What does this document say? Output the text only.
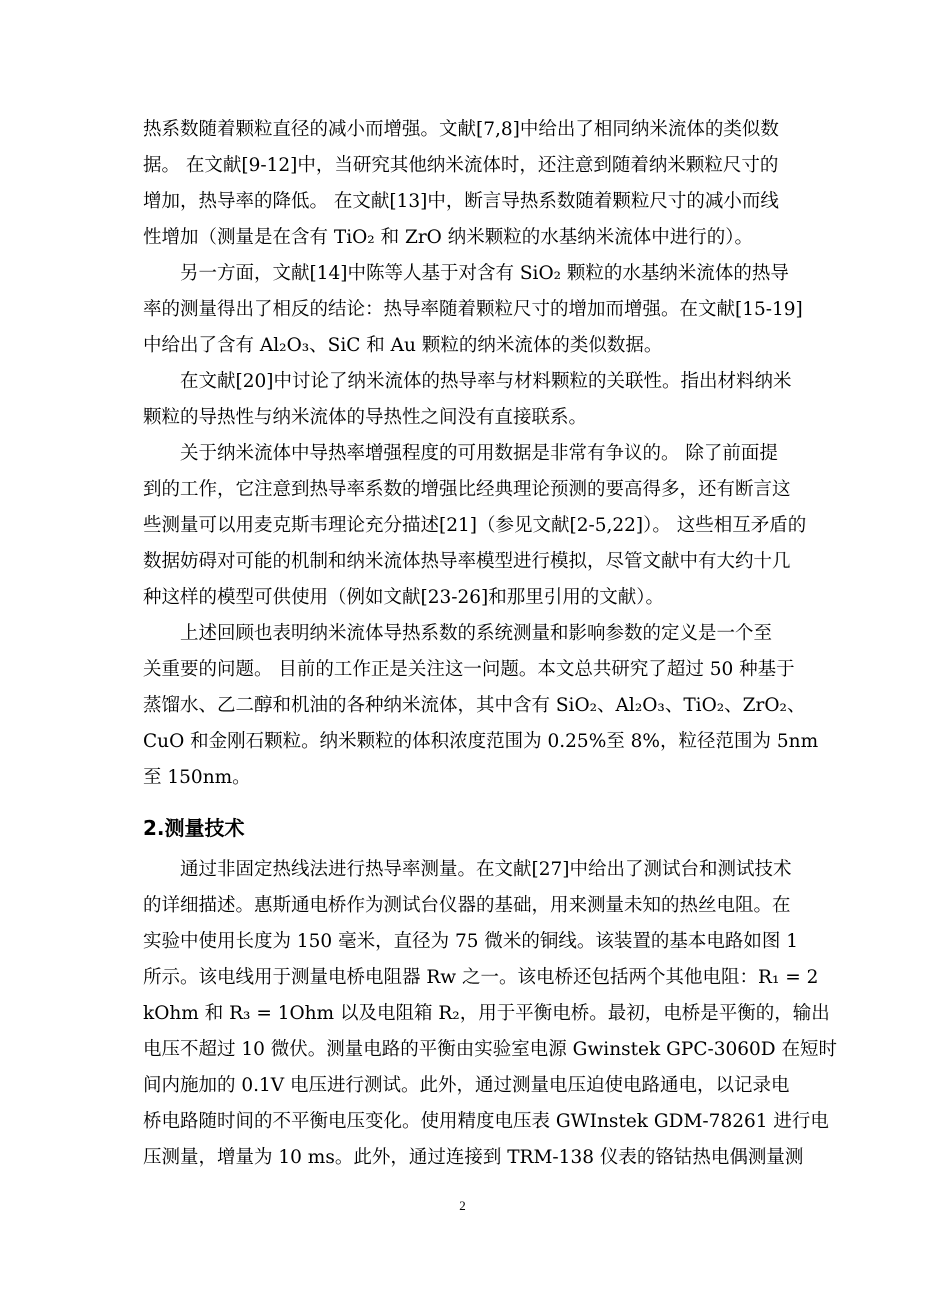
热系数随着颗粒直径的减小而增强。文献[7,8]中给出了相同纳米流体的类似数
据。 在文献[9-12]中，当研究其他纳米流体时，还注意到随着纳米颗粒尺寸的
增加，热导率的降低。 在文献[13]中，断言导热系数随着颗粒尺寸的减小而线
性增加（测量是在含有 TiO₂ 和 ZrO 纳米颗粒的水基纳米流体中进行的）。
另一方面，文献[14]中陈等人基于对含有 SiO₂ 颗粒的水基纳米流体的热导
率的测量得出了相反的结论：热导率随着颗粒尺寸的增加而增强。在文献[15-19]
中给出了含有 Al₂O₃、SiC 和 Au 颗粒的纳米流体的类似数据。
在文献[20]中讨论了纳米流体的热导率与材料颗粒的关联性。指出材料纳米
颗粒的导热性与纳米流体的导热性之间没有直接联系。
关于纳米流体中导热率增强程度的可用数据是非常有争议的。 除了前面提
到的工作，它注意到热导率系数的增强比经典理论预测的要高得多，还有断言这
些测量可以用麦克斯韦理论充分描述[21]（参见文献[2-5,22]）。 这些相互矛盾的
数据妨碍对可能的机制和纳米流体热导率模型进行模拟，尽管文献中有大约十几
种这样的模型可供使用（例如文献[23-26]和那里引用的文献）。
上述回顾也表明纳米流体导热系数的系统测量和影响参数的定义是一个至
关重要的问题。 目前的工作正是关注这一问题。本文总共研究了超过 50 种基于
蒸馏水、乙二醇和机油的各种纳米流体，其中含有 SiO₂、Al₂O₃、TiO₂、ZrO₂、
CuO 和金刚石颗粒。纳米颗粒的体积浓度范围为 0.25%至 8%，粒径范围为 5nm
至 150nm。
2.测量技术
通过非固定热线法进行热导率测量。在文献[27]中给出了测试台和测试技术
的详细描述。惠斯通电桥作为测试台仪器的基础，用来测量未知的热丝电阻。在
实验中使用长度为 150 毫米，直径为 75 微米的铜线。该装置的基本电路如图 1
所示。该电线用于测量电桥电阻器 Rw 之一。该电桥还包括两个其他电阻：R₁ = 2
kOhm 和 R₃ = 1Ohm 以及电阻箱 R₂，用于平衡电桥。最初，电桥是平衡的，输出
电压不超过 10 微伏。测量电路的平衡由实验室电源 Gwinstek GPC-3060D 在短时
间内施加的 0.1V 电压进行测试。此外，通过测量电压迫使电路通电，以记录电
桥电路随时间的不平衡电压变化。使用精度电压表 GWInstek GDM-78261 进行电
压测量，增量为 10 ms。此外，通过连接到 TRM-138 仪表的铬钴热电偶测量测
2
